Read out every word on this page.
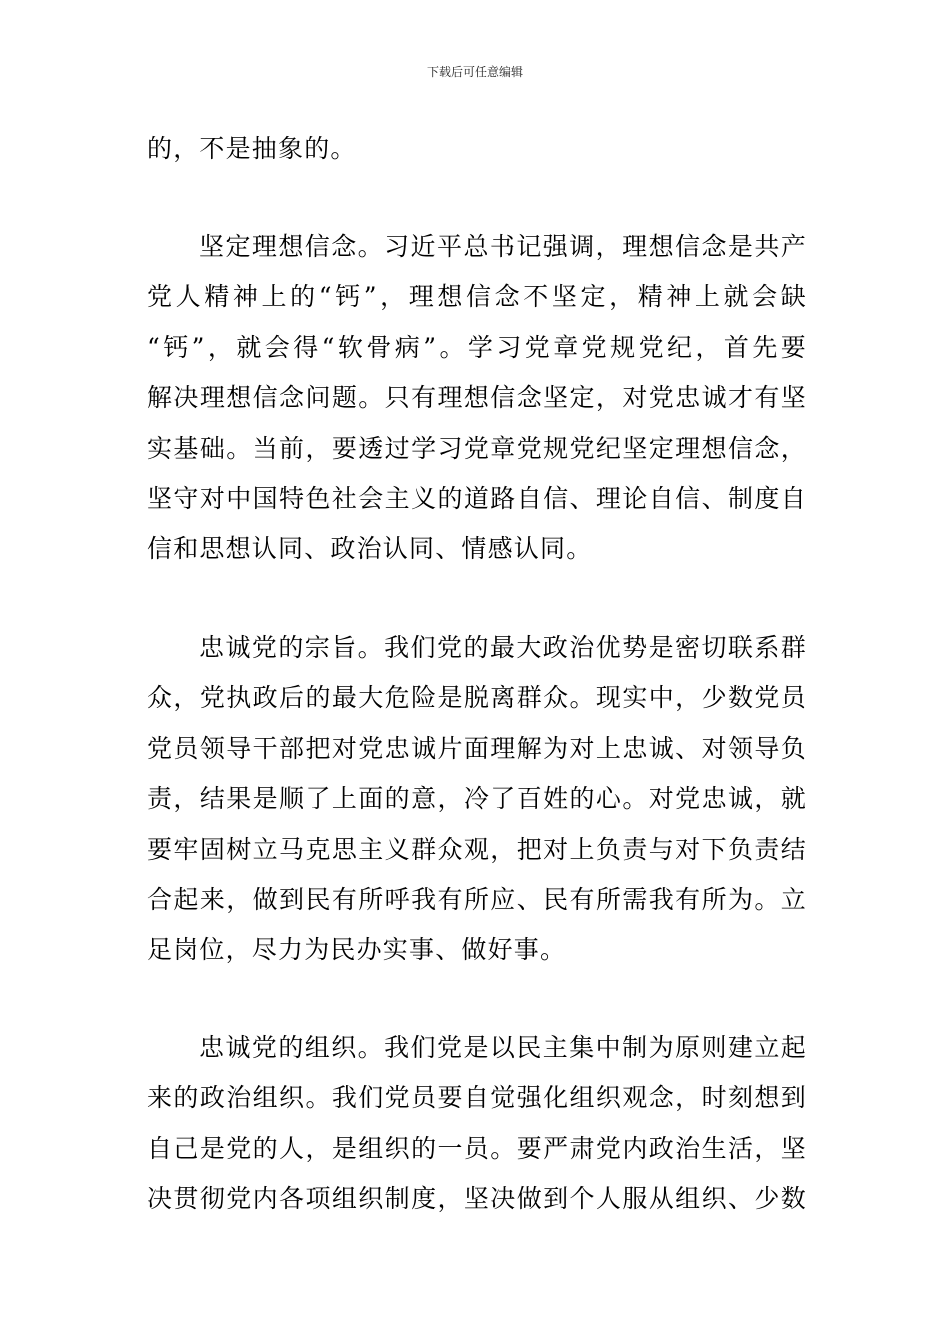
下载后可任意编辑
的，不是抽象的。
坚定理想信念。习近平总书记强调，理想信念是共产
党人精神上的“钙”，理想信念不坚定，精神上就会缺
“钙”，就会得“软骨病”。学习党章党规党纪，首先要
解决理想信念问题。只有理想信念坚定，对党忠诚才有坚
实基础。当前，要透过学习党章党规党纪坚定理想信念，
坚守对中国特色社会主义的道路自信、理论自信、制度自
信和思想认同、政治认同、情感认同。
忠诚党的宗旨。我们党的最大政治优势是密切联系群
众，党执政后的最大危险是脱离群众。现实中，少数党员
党员领导干部把对党忠诚片面理解为对上忠诚、对领导负
责，结果是顺了上面的意，冷了百姓的心。对党忠诚，就
要牢固树立马克思主义群众观，把对上负责与对下负责结
合起来，做到民有所呼我有所应、民有所需我有所为。立
足岗位，尽力为民办实事、做好事。
忠诚党的组织。我们党是以民主集中制为原则建立起
来的政治组织。我们党员要自觉强化组织观念，时刻想到
自己是党的人，是组织的一员。要严肃党内政治生活，坚
决贯彻党内各项组织制度，坚决做到个人服从组织、少数
